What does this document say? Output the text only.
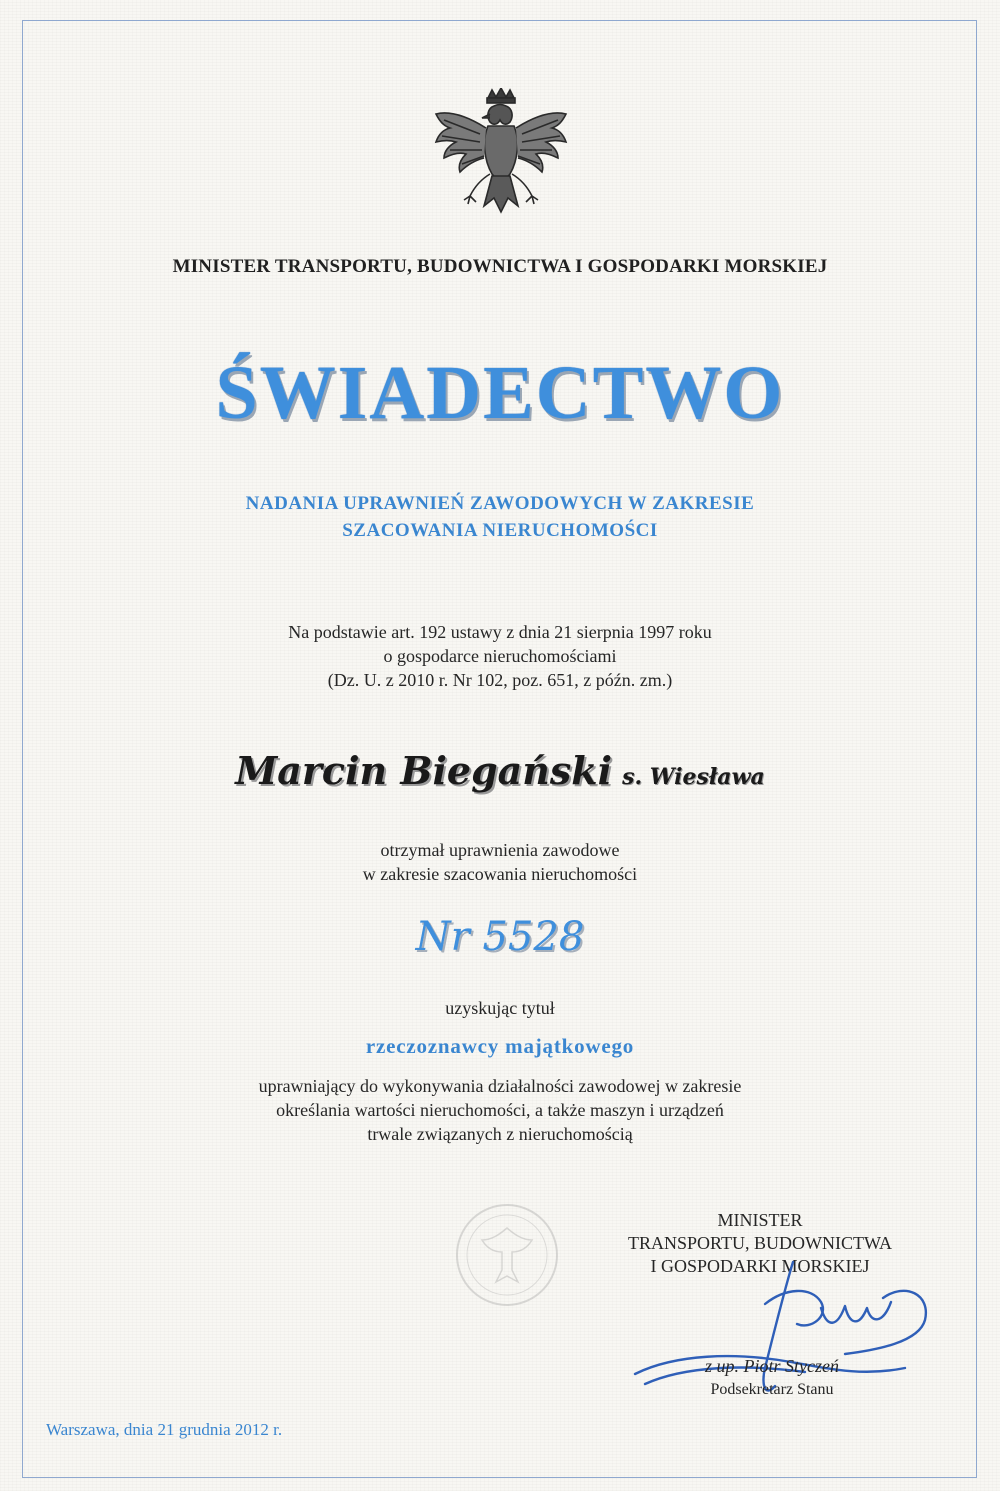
MINISTER TRANSPORTU, BUDOWNICTWA I GOSPODARKI MORSKIEJ
ŚWIADECTWO
NADANIA UPRAWNIEŃ ZAWODOWYCH W ZAKRESIE
SZACOWANIA NIERUCHOMOŚCI
Na podstawie art. 192 ustawy z dnia 21 sierpnia 1997 roku
o gospodarce nieruchomościami
(Dz. U. z 2010 r. Nr 102, poz. 651, z późn. zm.)
Marcin Biegański s. Wiesława
otrzymał uprawnienia zawodowe
w zakresie szacowania nieruchomości
Nr 5528
uzyskując tytuł
rzeczoznawcy majątkowego
uprawniający do wykonywania działalności zawodowej w zakresie
określania wartości nieruchomości, a także maszyn i urządzeń
trwale związanych z nieruchomością
MINISTER
TRANSPORTU, BUDOWNICTWA
I GOSPODARKI MORSKIEJ
z up. Piotr Styczeń
Podsekretarz Stanu
Warszawa, dnia 21 grudnia 2012 r.
